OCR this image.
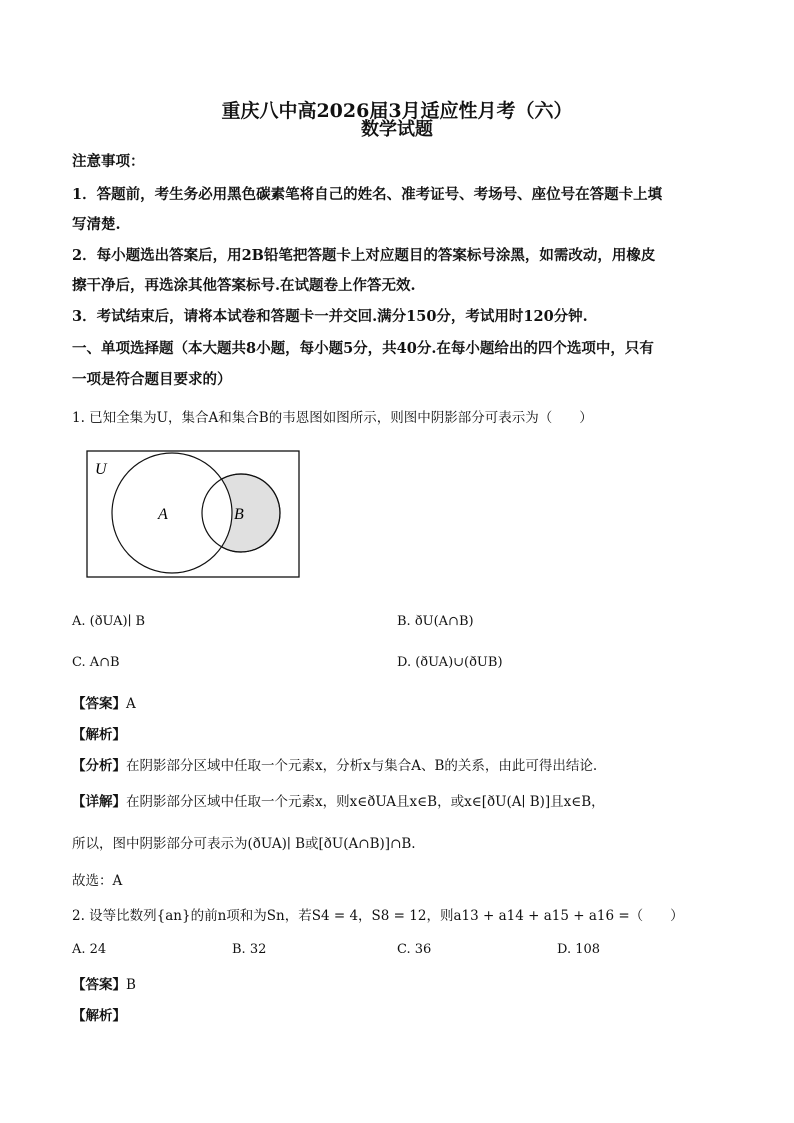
重庆八中高2026届3月适应性月考（六）
数学试题
注意事项：
1．答题前，考生务必用黑色碳素笔将自己的姓名、准考证号、考场号、座位号在答题卡上填
写清楚.
2．每小题选出答案后，用2B铅笔把答题卡上对应题目的答案标号涂黑，如需改动，用橡皮
擦干净后，再选涂其他答案标号.在试题卷上作答无效.
3．考试结束后，请将本试卷和答题卡一并交回.满分150分，考试用时120分钟.
一、单项选择题（本大题共8小题，每小题5分，共40分.在每小题给出的四个选项中，只有
一项是符合题目要求的）
1. 已知全集为U，集合A和集合B的韦恩图如图所示，则图中阴影部分可表示为（　　）
U
A	B
A. (ðUA)∣ B	B. ðU(A∩B)
C. A∩B	D. (ðUA)∪(ðUB)
【答案】A
【解析】
【分析】在阴影部分区域中任取一个元素x，分析x与集合A、B的关系，由此可得出结论.
【详解】在阴影部分区域中任取一个元素x，则x∈ðUA且x∈B，或x∈[ðU(A∣ B)]且x∈B，
所以，图中阴影部分可表示为(ðUA)∣ B或[ðU(A∩B)]∩B.
故选：A
2. 设等比数列{an}的前n项和为Sn，若S4 = 4，S8 = 12，则a13 + a14 + a15 + a16 =（　　）
A. 24	B. 32	C. 36	D. 108
【答案】B
【解析】
